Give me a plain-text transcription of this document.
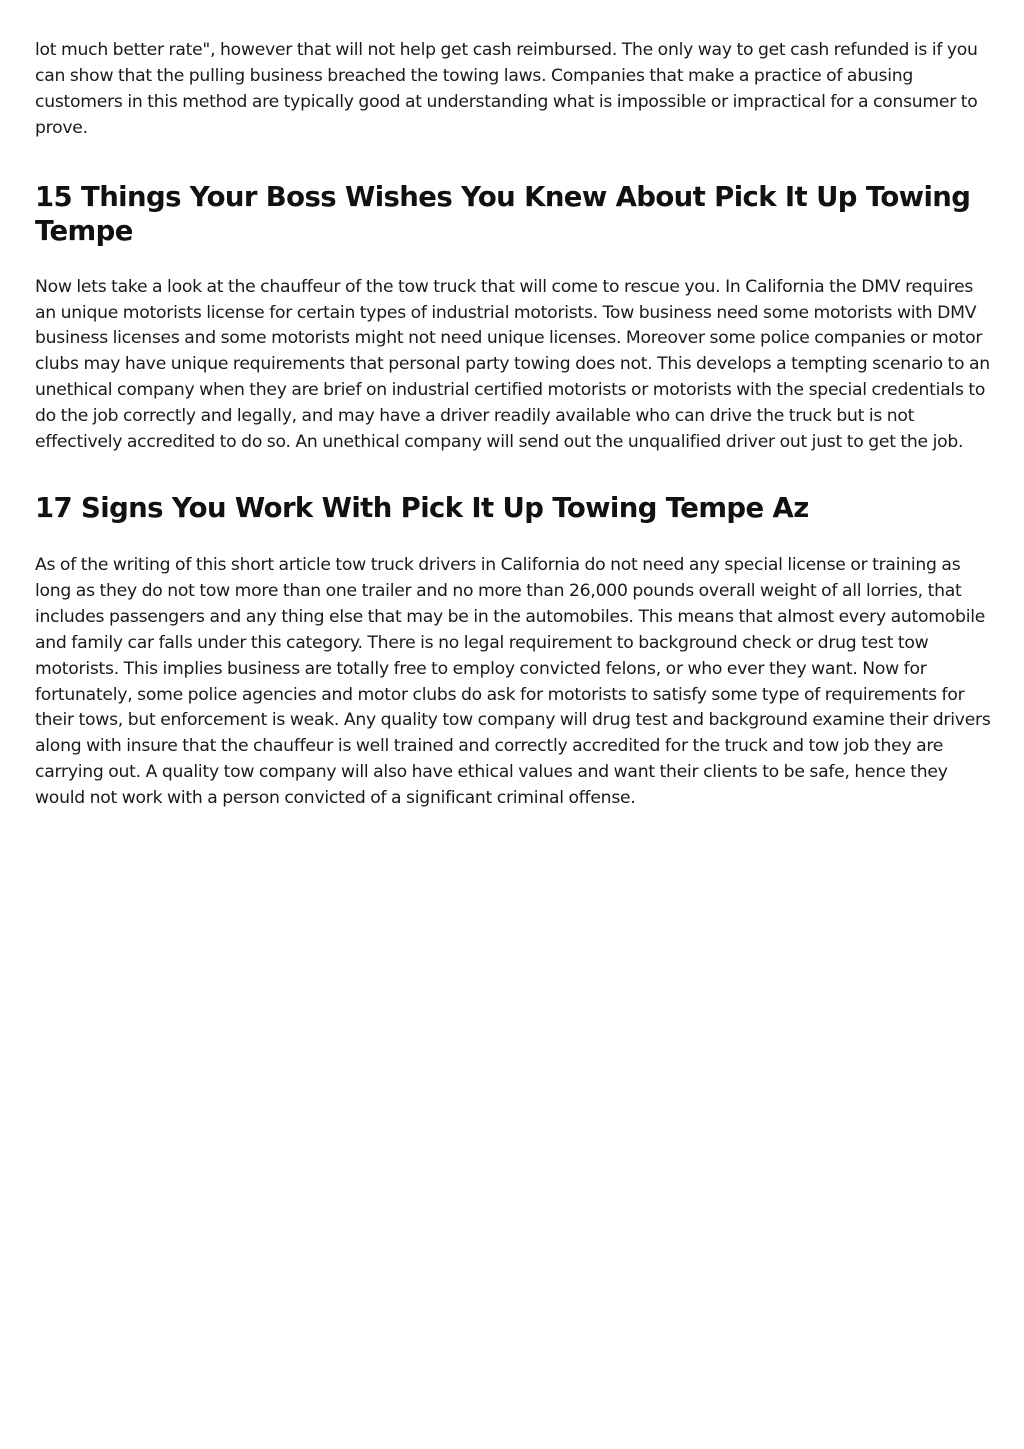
lot much better rate", however that will not help get cash reimbursed. The only way to get cash refunded is if you can show that the pulling business breached the towing laws. Companies that make a practice of abusing customers in this method are typically good at understanding what is impossible or impractical for a consumer to prove.

15 Things Your Boss Wishes You Knew About Pick It Up Towing Tempe

Now lets take a look at the chauffeur of the tow truck that will come to rescue you. In California the DMV requires an unique motorists license for certain types of industrial motorists. Tow business need some motorists with DMV business licenses and some motorists might not need unique licenses. Moreover some police companies or motor clubs may have unique requirements that personal party towing does not. This develops a tempting scenario to an unethical company when they are brief on industrial certified motorists or motorists with the special credentials to do the job correctly and legally, and may have a driver readily available who can drive the truck but is not effectively accredited to do so. An unethical company will send out the unqualified driver out just to get the job.

17 Signs You Work With Pick It Up Towing Tempe Az

As of the writing of this short article tow truck drivers in California do not need any special license or training as long as they do not tow more than one trailer and no more than 26,000 pounds overall weight of all lorries, that includes passengers and any thing else that may be in the automobiles. This means that almost every automobile and family car falls under this category. There is no legal requirement to background check or drug test tow motorists. This implies business are totally free to employ convicted felons, or who ever they want. Now for fortunately, some police agencies and motor clubs do ask for motorists to satisfy some type of requirements for their tows, but enforcement is weak. Any quality tow company will drug test and background examine their drivers along with insure that the chauffeur is well trained and correctly accredited for the truck and tow job they are carrying out. A quality tow company will also have ethical values and want their clients to be safe, hence they would not work with a person convicted of a significant criminal offense.
